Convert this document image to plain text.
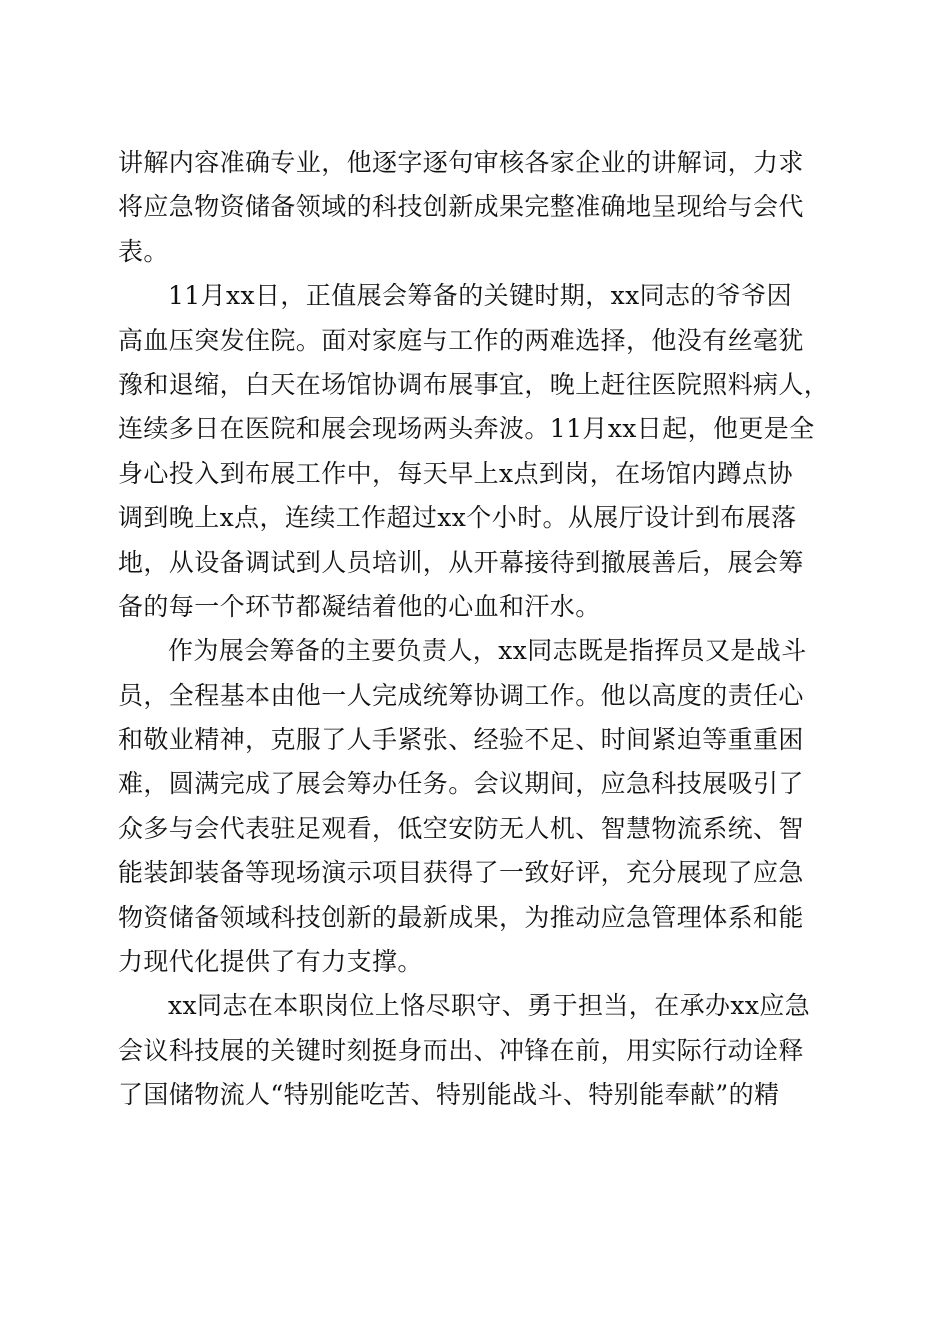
讲解内容准确专业，他逐字逐句审核各家企业的讲解词，力求
将应急物资储备领域的科技创新成果完整准确地呈现给与会代
表。

11月xx日，正值展会筹备的关键时期，xx同志的爷爷因
高血压突发住院。面对家庭与工作的两难选择，他没有丝毫犹
豫和退缩，白天在场馆协调布展事宜，晚上赶往医院照料病人，
连续多日在医院和展会现场两头奔波。11月xx日起，他更是全
身心投入到布展工作中，每天早上x点到岗，在场馆内蹲点协
调到晚上x点，连续工作超过xx个小时。从展厅设计到布展落
地，从设备调试到人员培训，从开幕接待到撤展善后，展会筹
备的每一个环节都凝结着他的心血和汗水。

作为展会筹备的主要负责人，xx同志既是指挥员又是战斗
员，全程基本由他一人完成统筹协调工作。他以高度的责任心
和敬业精神，克服了人手紧张、经验不足、时间紧迫等重重困
难，圆满完成了展会筹办任务。会议期间，应急科技展吸引了
众多与会代表驻足观看，低空安防无人机、智慧物流系统、智
能装卸装备等现场演示项目获得了一致好评，充分展现了应急
物资储备领域科技创新的最新成果，为推动应急管理体系和能
力现代化提供了有力支撑。

xx同志在本职岗位上恪尽职守、勇于担当，在承办xx应急
会议科技展的关键时刻挺身而出、冲锋在前，用实际行动诠释
了国储物流人“特别能吃苦、特别能战斗、特别能奉献”的精
